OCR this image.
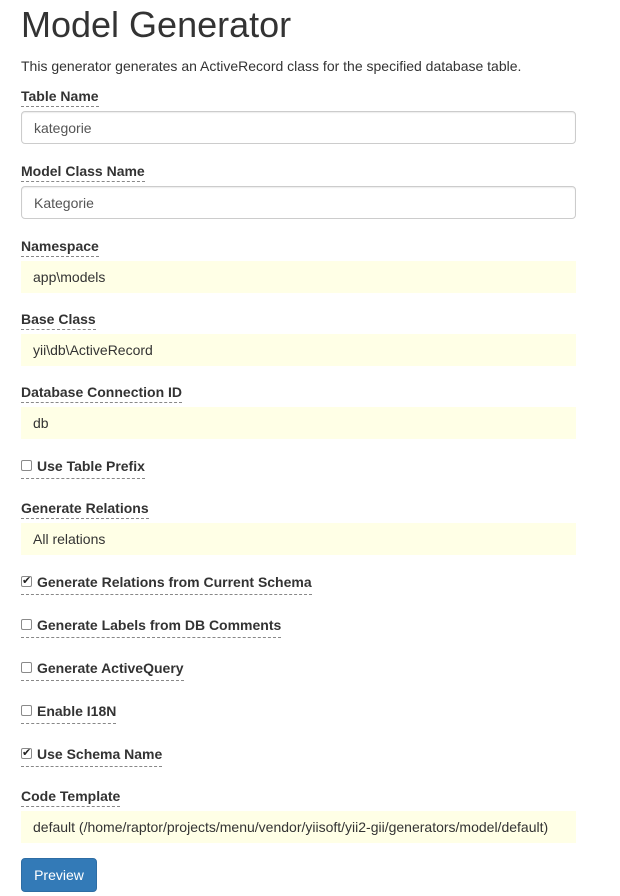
Model Generator

This generator generates an ActiveRecord class for the specified database table.

Table Name
kategorie
Model Class Name
Kategorie
Namespace
app\models
Base Class
yii\db\ActiveRecord
Database Connection ID
db
Use Table Prefix
Generate Relations
All relations
✔ Generate Relations from Current Schema
Generate Labels from DB Comments
Generate ActiveQuery
Enable I18N
✔ Use Schema Name
Code Template
default (/home/raptor/projects/menu/vendor/yiisoft/yii2-gii/generators/model/default)
Preview
